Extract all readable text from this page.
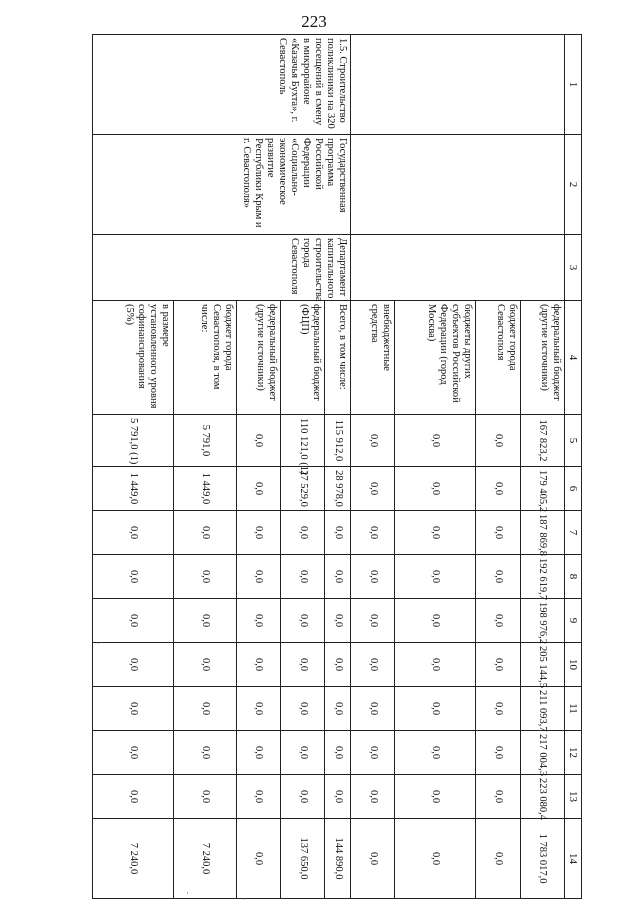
223
1	2	3	4	5	6	7	8	9	10	11	12	13	14
			федеральный бюджет (другие источники)	167 823,2	179 405,2	187 869,8	192 619,7	198 976,2	205 144,5	211 093,7	217 004,3	223 080,4	1 783 017,0
			бюджет города Севастополя	0,0	0,0	0,0	0,0	0,0	0,0	0,0	0,0	0,0	0,0
			бюджеты других субъектов Российской Федерации (город Москва)	0,0	0,0	0,0	0,0	0,0	0,0	0,0	0,0	0,0	0,0
			внебюджетные средства	0,0	0,0	0,0	0,0	0,0	0,0	0,0	0,0	0,0	0,0
1.5. Строительство поликлиники на 320 посещений в смену в микрорайоне «Казачья Бухта», г. Севастополь	Государственная программа Российской Федерации «Социально-экономическое развитие Республики Крым и г. Севастополя»	Департамент капитального строительства города Севастополя	Всего, в том числе:	115 912,0	28 978,0	0,0	0,0	0,0	0,0	0,0	0,0	0,0	144 890,0
			федеральный бюджет (ФЦП)	110 121,0 (1)	27 529,0	0,0	0,0	0,0	0,0	0,0	0,0	0,0	137 650,0
			федеральный бюджет (другие источники)	0,0	0,0	0,0	0,0	0,0	0,0	0,0	0,0	0,0	0,0
			бюджет города Севастополя, в том числе:	5 791,0	1 449,0	0,0	0,0	0,0	0,0	0,0	0,0	0,0	7 240,0
			в размере установленного уровня софинансирования (5%)	5 791,0 (1)	1 449,0	0,0	0,0	0,0	0,0	0,0	0,0	0,0	7 240,0
·
·
·
